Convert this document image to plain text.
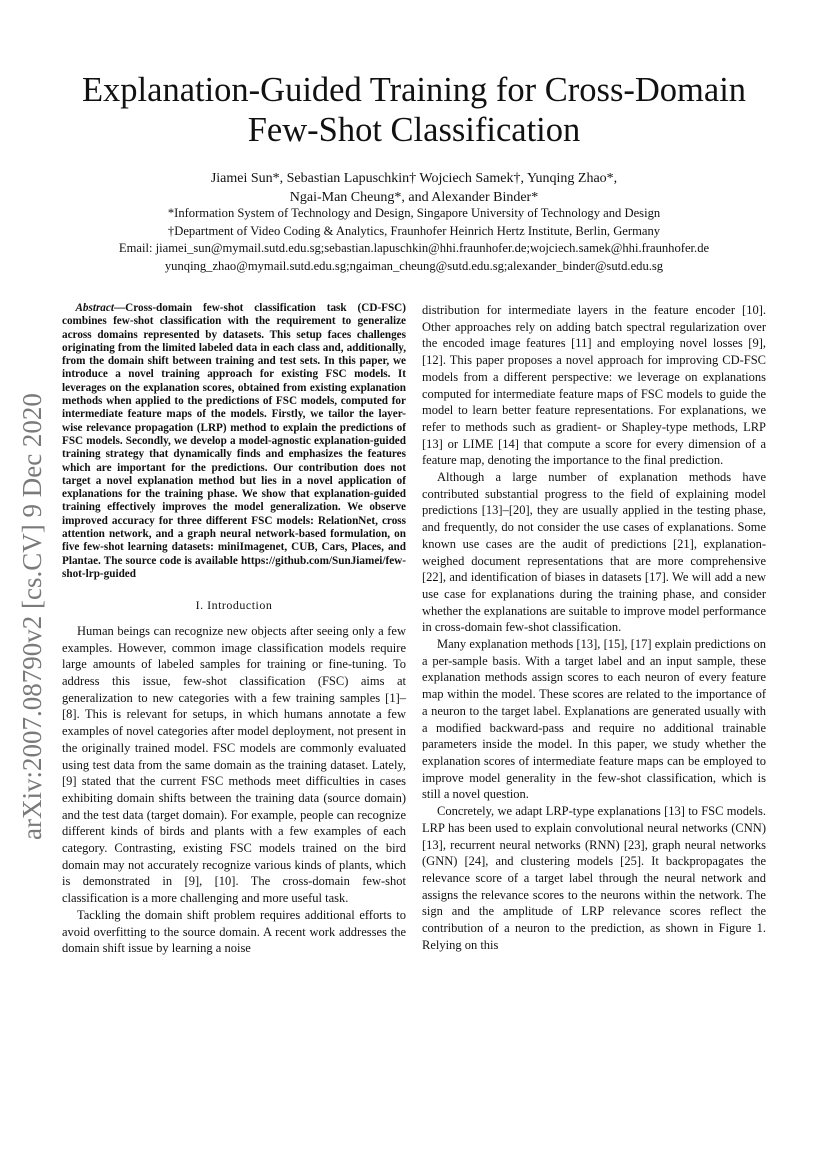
Explanation-Guided Training for Cross-Domain
Few-Shot Classification
Jiamei Sun*, Sebastian Lapuschkin† Wojciech Samek†, Yunqing Zhao*,
Ngai-Man Cheung*, and Alexander Binder*
*Information System of Technology and Design, Singapore University of Technology and Design
†Department of Video Coding & Analytics, Fraunhofer Heinrich Hertz Institute, Berlin, Germany
Email: jiamei_sun@mymail.sutd.edu.sg;sebastian.lapuschkin@hhi.fraunhofer.de;wojciech.samek@hhi.fraunhofer.de
yunqing_zhao@mymail.sutd.edu.sg;ngaiman_cheung@sutd.edu.sg;alexander_binder@sutd.edu.sg
arXiv:2007.08790v2 [cs.CV] 9 Dec 2020

Abstract—Cross-domain few-shot classification task (CD-FSC) combines few-shot classification with the requirement to generalize across domains represented by datasets. This setup faces challenges originating from the limited labeled data in each class and, additionally, from the domain shift between training and test sets. In this paper, we introduce a novel training approach for existing FSC models. It leverages on the explanation scores, obtained from existing explanation methods when applied to the predictions of FSC models, computed for intermediate feature maps of the models. Firstly, we tailor the layer-wise relevance propagation (LRP) method to explain the predictions of FSC models. Secondly, we develop a model-agnostic explanation-guided training strategy that dynamically finds and emphasizes the features which are important for the predictions. Our contribution does not target a novel explanation method but lies in a novel application of explanations for the training phase. We show that explanation-guided training effectively improves the model generalization. We observe improved accuracy for three different FSC models: RelationNet, cross attention network, and a graph neural network-based formulation, on five few-shot learning datasets: miniImagenet, CUB, Cars, Places, and Plantae. The source code is available https://github.com/SunJiamei/few-shot-lrp-guided

I. Introduction

Human beings can recognize new objects after seeing only a few examples. However, common image classification models require large amounts of labeled samples for training or fine-tuning. To address this issue, few-shot classification (FSC) aims at generalization to new categories with a few training samples [1]–[8]. This is relevant for setups, in which humans annotate a few examples of novel categories after model deployment, not present in the originally trained model. FSC models are commonly evaluated using test data from the same domain as the training dataset. Lately, [9] stated that the current FSC methods meet difficulties in cases exhibiting domain shifts between the training data (source domain) and the test data (target domain). For example, people can recognize different kinds of birds and plants with a few examples of each category. Contrasting, existing FSC models trained on the bird domain may not accurately recognize various kinds of plants, which is demonstrated in [9], [10]. The cross-domain few-shot classification is a more challenging and more useful task.

Tackling the domain shift problem requires additional efforts to avoid overfitting to the source domain. A recent work addresses the domain shift issue by learning a noise

distribution for intermediate layers in the feature encoder [10]. Other approaches rely on adding batch spectral regularization over the encoded image features [11] and employing novel losses [9], [12]. This paper proposes a novel approach for improving CD-FSC models from a different perspective: we leverage on explanations computed for intermediate feature maps of FSC models to guide the model to learn better feature representations. For explanations, we refer to methods such as gradient- or Shapley-type methods, LRP [13] or LIME [14] that compute a score for every dimension of a feature map, denoting the importance to the final prediction.

Although a large number of explanation methods have contributed substantial progress to the field of explaining model predictions [13]–[20], they are usually applied in the testing phase, and frequently, do not consider the use cases of explanations. Some known use cases are the audit of predictions [21], explanation-weighed document representations that are more comprehensive [22], and identification of biases in datasets [17]. We will add a new use case for explanations during the training phase, and consider whether the explanations are suitable to improve model performance in cross-domain few-shot classification.

Many explanation methods [13], [15], [17] explain predictions on a per-sample basis. With a target label and an input sample, these explanation methods assign scores to each neuron of every feature map within the model. These scores are related to the importance of a neuron to the target label. Explanations are generated usually with a modified backward-pass and require no additional trainable parameters inside the model. In this paper, we study whether the explanation scores of intermediate feature maps can be employed to improve model generality in the few-shot classification, which is still a novel question.

Concretely, we adapt LRP-type explanations [13] to FSC models. LRP has been used to explain convolutional neural networks (CNN) [13], recurrent neural networks (RNN) [23], graph neural networks (GNN) [24], and clustering models [25]. It backpropagates the relevance score of a target label through the neural network and assigns the relevance scores to the neurons within the network. The sign and the amplitude of LRP relevance scores reflect the contribution of a neuron to the prediction, as shown in Figure 1. Relying on this
